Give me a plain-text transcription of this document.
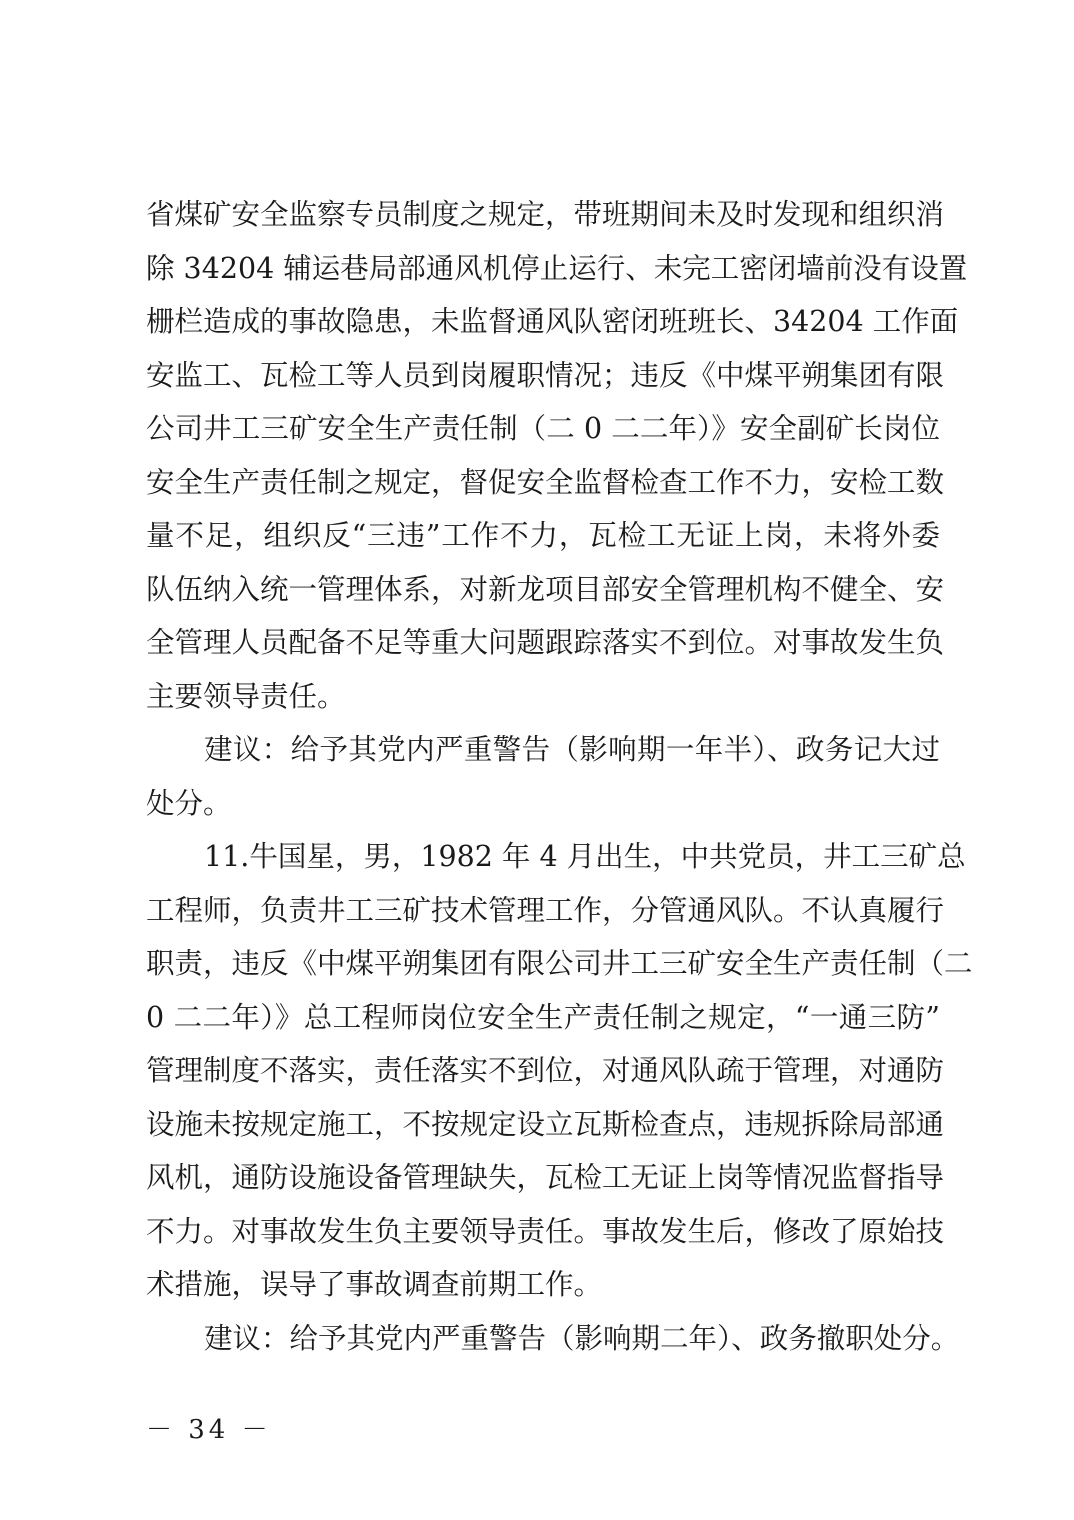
省煤矿安全监察专员制度之规定，带班期间未及时发现和组织消
除 34204 辅运巷局部通风机停止运行、未完工密闭墙前没有设置
栅栏造成的事故隐患，未监督通风队密闭班班长、34204 工作面
安监工、瓦检工等人员到岗履职情况；违反《中煤平朔集团有限
公司井工三矿安全生产责任制（二 0 二二年）》安全副矿长岗位
安全生产责任制之规定，督促安全监督检查工作不力，安检工数
量不足，组织反“三违”工作不力，瓦检工无证上岗，未将外委
队伍纳入统一管理体系，对新龙项目部安全管理机构不健全、安
全管理人员配备不足等重大问题跟踪落实不到位。对事故发生负
主要领导责任。
建议：给予其党内严重警告（影响期一年半）、政务记大过
处分。
11.牛国星，男，1982 年 4 月出生，中共党员，井工三矿总
工程师，负责井工三矿技术管理工作，分管通风队。不认真履行
职责，违反《中煤平朔集团有限公司井工三矿安全生产责任制（二
0 二二年）》总工程师岗位安全生产责任制之规定，“一通三防”
管理制度不落实，责任落实不到位，对通风队疏于管理，对通防
设施未按规定施工，不按规定设立瓦斯检查点，违规拆除局部通
风机，通防设施设备管理缺失，瓦检工无证上岗等情况监督指导
不力。对事故发生负主要领导责任。事故发生后，修改了原始技
术措施，误导了事故调查前期工作。
建议：给予其党内严重警告（影响期二年）、政务撤职处分。
－ 34 －
